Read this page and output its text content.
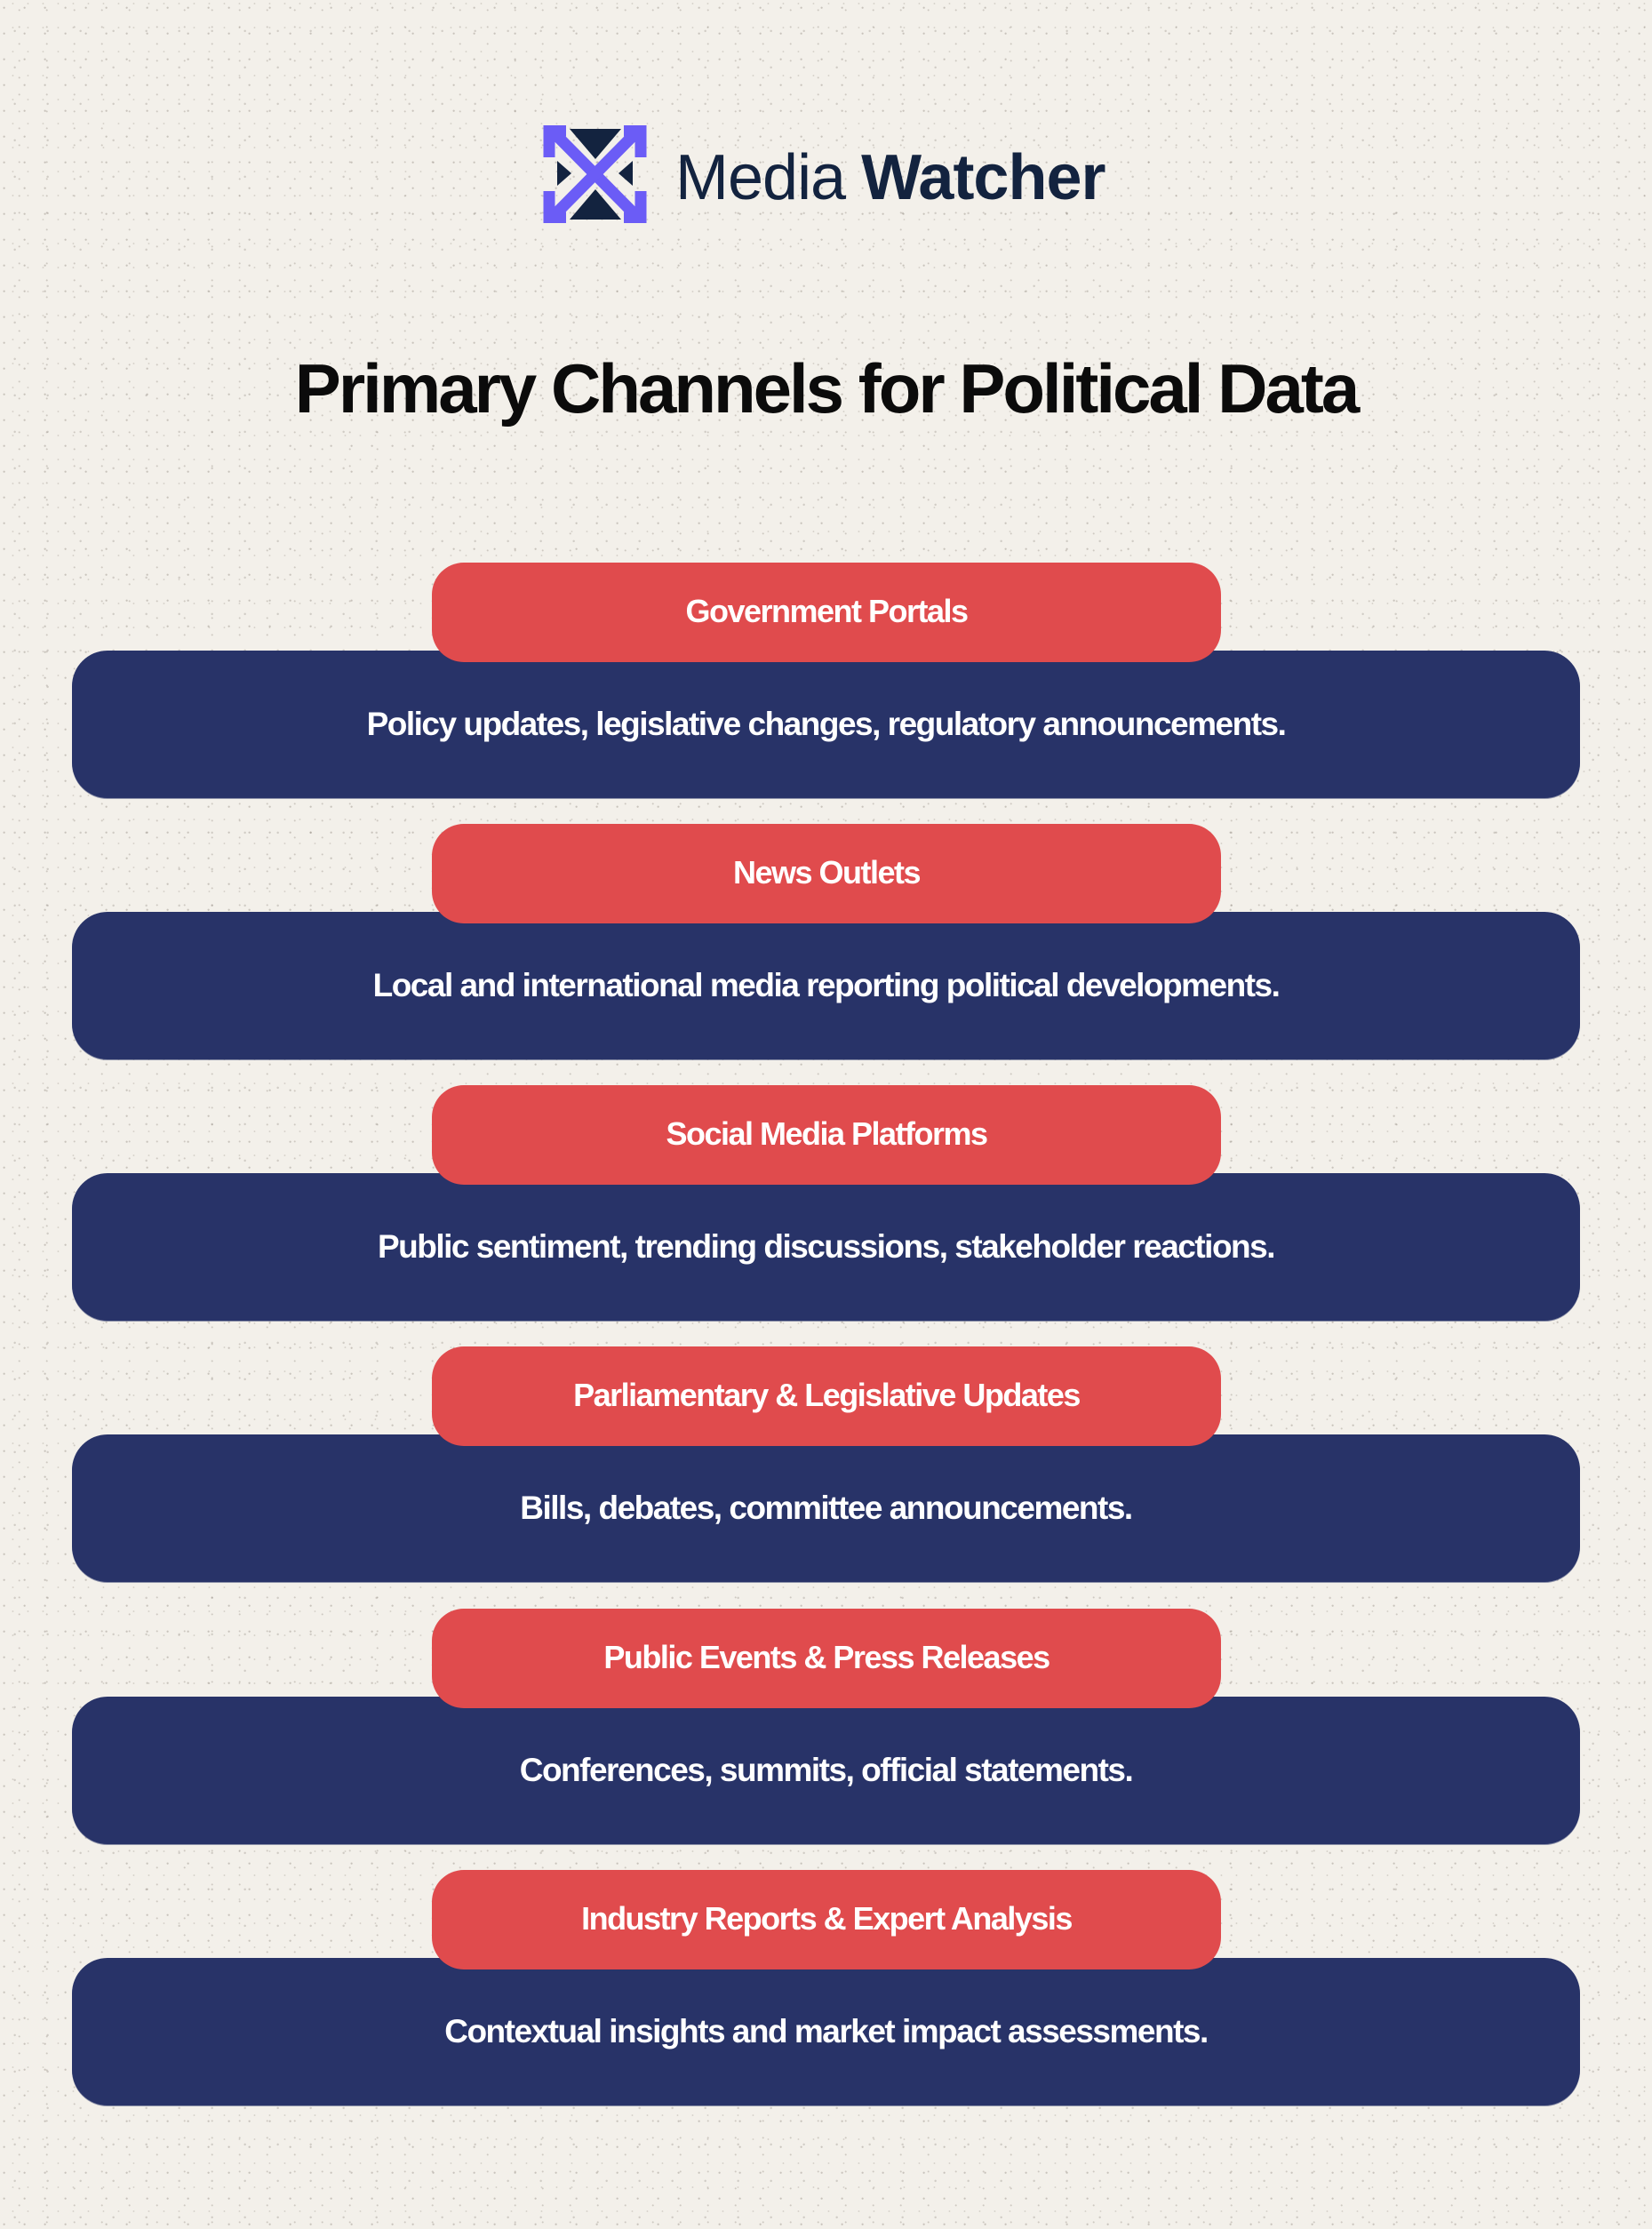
Media Watcher
Primary Channels for Political Data
Government Portals
Policy updates, legislative changes, regulatory announcements.
News Outlets
Local and international media reporting political developments.
Social Media Platforms
Public sentiment, trending discussions, stakeholder reactions.
Parliamentary & Legislative Updates
Bills, debates, committee announcements.
Public Events & Press Releases
Conferences, summits, official statements.
Industry Reports & Expert Analysis
Contextual insights and market impact assessments.
